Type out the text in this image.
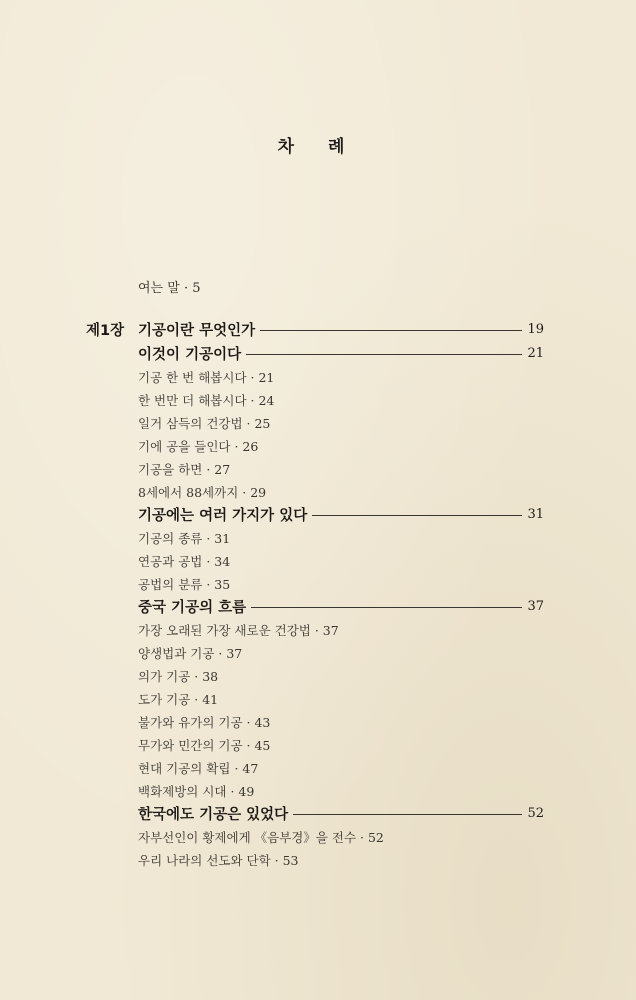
차 례
여는 말 · 5
제1장 기공이란 무엇인가	19
이것이 기공이다	21
기공 한 번 해봅시다 · 21
한 번만 더 해봅시다 · 24
일거 삼득의 건강법 · 25
기에 공을 들인다 · 26
기공을 하면 · 27
8세에서 88세까지 · 29
기공에는 여러 가지가 있다	31
기공의 종류 · 31
연공과 공법 · 34
공법의 분류 · 35
중국 기공의 흐름	37
가장 오래된 가장 새로운 건강법 · 37
양생법과 기공 · 37
의가 기공 · 38
도가 기공 · 41
불가와 유가의 기공 · 43
무가와 민간의 기공 · 45
현대 기공의 확립 · 47
백화제방의 시대 · 49
한국에도 기공은 있었다	52
자부선인이 황제에게 《음부경》을 전수 · 52
우리 나라의 선도와 단학 · 53
